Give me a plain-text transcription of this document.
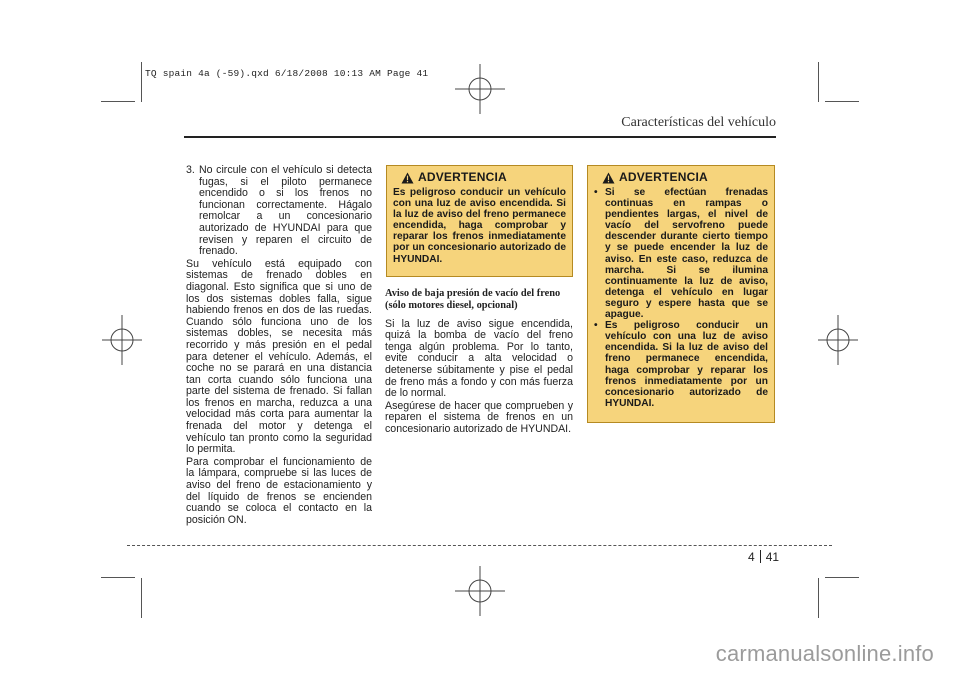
TQ spain 4a (-59).qxd 6/18/2008 10:13 AM Page 41
Características del vehículo

3. No circule con el vehículo si detecta fugas, si el piloto permanece encendido o si los frenos no funcionan correctamente. Hágalo remolcar a un concesionario autorizado de HYUNDAI para que revisen y reparen el circuito de frenado.

Su vehículo está equipado con sistemas de frenado dobles en diagonal. Esto significa que si uno de los dos sistemas dobles falla, sigue habiendo frenos en dos de las ruedas. Cuando sólo funciona uno de los sistemas dobles, se necesita más recorrido y más presión en el pedal para detener el vehículo. Además, el coche no se parará en una distancia tan corta cuando sólo funciona una parte del sistema de frenado. Si fallan los frenos en marcha, reduzca a una velocidad más corta para aumentar la frenada del motor y detenga el vehículo tan pronto como la seguridad lo permita.

Para comprobar el funcionamiento de la lámpara, compruebe si las luces de aviso del freno de estacionamiento y del líquido de frenos se encienden cuando se coloca el contacto en la posición ON.

ADVERTENCIA
Es peligroso conducir un vehículo con una luz de aviso encendida. Si la luz de aviso del freno permanece encendida, haga comprobar y reparar los frenos inmediatamente por un concesionario autorizado de HYUNDAI.

Aviso de baja presión de vacío del freno (sólo motores diesel, opcional)

Si la luz de aviso sigue encendida, quizá la bomba de vacío del freno tenga algún problema. Por lo tanto, evite conducir a alta velocidad o detenerse súbitamente y pise el pedal de freno más a fondo y con más fuerza de lo normal.

Asegúrese de hacer que comprueben y reparen el sistema de frenos en un concesionario autorizado de HYUNDAI.

ADVERTENCIA
• Si se efectúan frenadas continuas en rampas o pendientes largas, el nivel de vacío del servofreno puede descender durante cierto tiempo y se puede encender la luz de aviso. En este caso, reduzca de marcha. Si se ilumina continuamente la luz de aviso, detenga el vehículo en lugar seguro y espere hasta que se apague.
• Es peligroso conducir un vehículo con una luz de aviso encendida. Si la luz de aviso del freno permanece encendida, haga comprobar y reparar los frenos inmediatamente por un concesionario autorizado de HYUNDAI.
4 41
carmanualsonline.info
